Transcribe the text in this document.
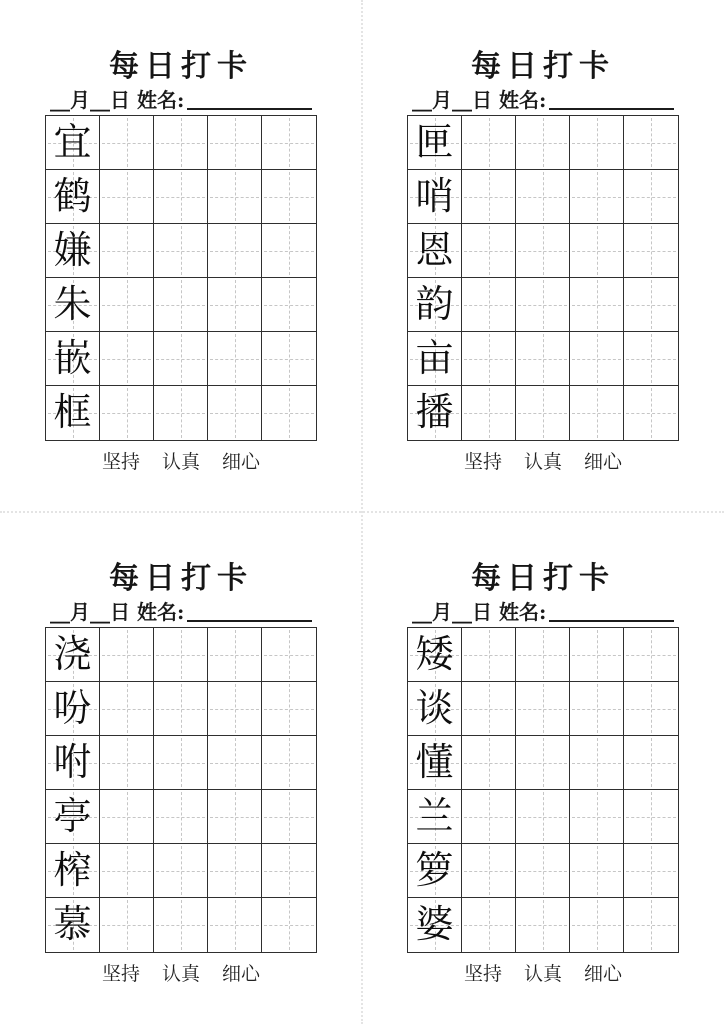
每日打卡
__月__日 姓名:
宜
鹤
嫌
朱
嵌
框
坚持 认真 细心
每日打卡
__月__日 姓名:
匣
哨
恩
韵
亩
播
坚持 认真 细心
每日打卡
__月__日 姓名:
浇
吩
咐
亭
榨
慕
坚持 认真 细心
每日打卡
__月__日 姓名:
矮
谈
懂
兰
箩
婆
坚持 认真 细心
